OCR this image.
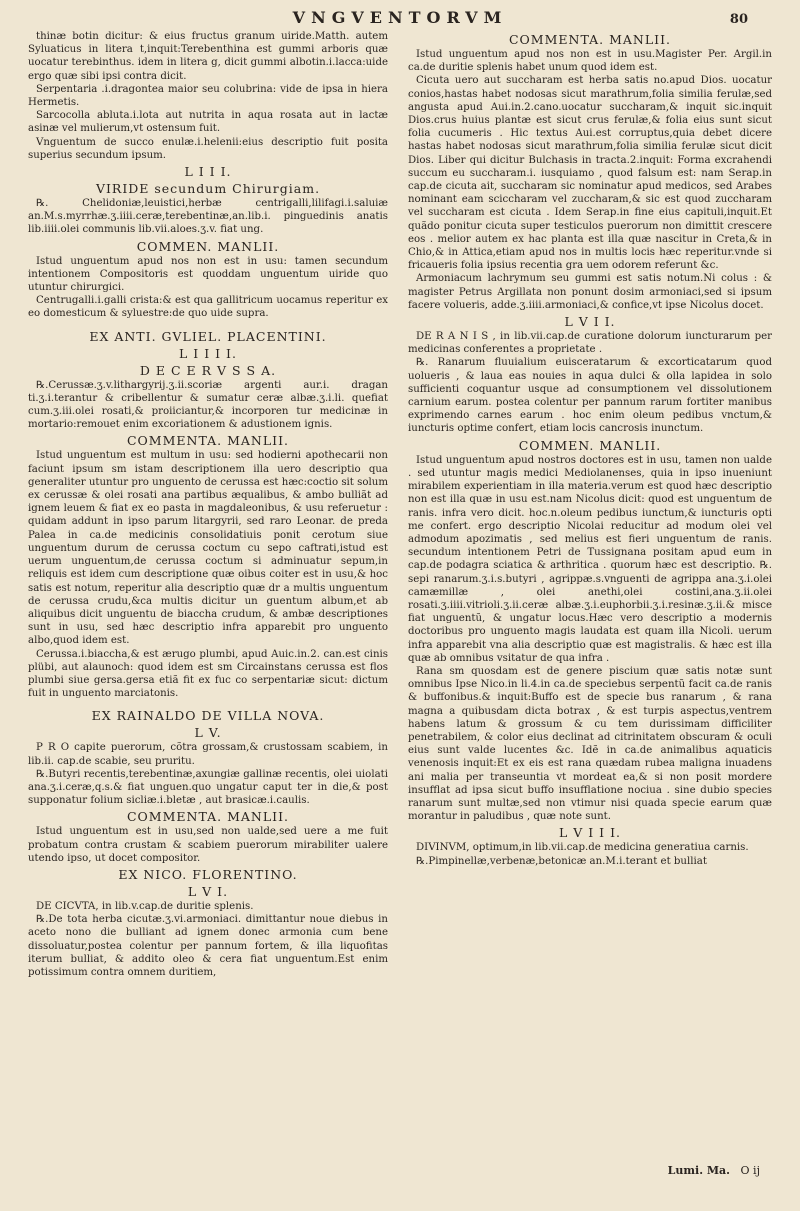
VNGVENTORVM	80

thinæ botin dicitur: & eius fructus granum uiride.Matth. autem Syluaticus in litera t,inquit:Terebenthina est gummi arboris quæ uocatur terebinthus. idem in litera g, dicit gummi albotin.i.lacca:uide ergo quæ sibi ipsi contra dicit.

Serpentaria .i.dragontea maior seu colubrina: vide de ipsa in hiera Hermetis.

Sarcocolla abluta.i.lota aut nutrita in aqua rosata aut in lactæ asinæ vel mulierum,vt ostensum fuit.

Vnguentum de succo enulæ.i.helenii:eius descriptio fuit posita superius secundum ipsum.

L I I I.
VIRIDE secundum Chirurgiam.

℞. Chelidoniæ,leuistici,herbæ centrigalli,lilifagi.i.saluiæ an.M.s.myrrhæ.ʒ.iiii.ceræ,terebentinæ,an.lib.i. pinguedinis anatis lib.iiii.olei communis lib.vii.aloes.ʒ.v. fiat ung.

COMMEN. MANLII.

Istud unguentum apud nos non est in usu: tamen secundum intentionem Compositoris est quoddam unguentum uiride quo utuntur chirurgici.

Centrugalli.i.galli crista:& est qua gallitricum uocamus reperitur ex eo domesticum & syluestre:de quo uide supra.

EX ANTI. GVLIEL. PLACENTINI.
L I I I I.
D E C E R V S S A.

℞.Cerussæ.ʒ.v.lithargyrij.ʒ.ii.scoriæ argenti aur.i. dragan ti.ʒ.i.terantur & cribellentur & sumatur ceræ albæ.ʒ.i.li. quefiat cum.ʒ.iii.olei rosati,& proiiciantur,& incorporen tur medicinæ in mortario:remouet enim excoriationem & adustionem ignis.

COMMENTA. MANLII.

Istud unguentum est multum in usu: sed hodierni apothecarii non faciunt ipsum sm istam descriptionem illa uero descriptio qua generaliter utuntur pro unguento de cerussa est hæc:coctio sit solum ex cerussæ & olei rosati ana partibus æqualibus, & ambo bulliãt ad ignem leuem & fiat ex eo pasta in magdaleonibus, & usu referuetur : quidam addunt in ipso parum litargyrii, sed raro Leonar. de preda Palea in ca.de medicinis consolidatiuis ponit cerotum siue unguentum durum de cerussa coctum cu sepo caftrati,istud est uerum unguentum,de cerussa coctum si adminuatur sepum,in reliquis est idem cum descriptione quæ oibus coiter est in usu,& hoc satis est notum, reperitur alia descriptio quæ dr a multis unguentum de cerussa crudu,&ca multis dicitur un guentum album,et ab aliquibus dicit unguentu de biaccha crudum, & ambæ descriptiones sunt in usu, sed hæc descriptio infra apparebit pro unguento albo,quod idem est.

Cerussa.i.biaccha,& est ærugo plumbi, apud Auic.in.2. can.est cinis plübi, aut alaunoch: quod idem est sm Circainstans cerussa est flos plumbi siue gersa.gersa etiã fit ex fuc co serpentariæ sicut: dictum fuit in unguento marciatonis.

EX RAINALDO DE VILLA NOVA.
L V.

P R O capite puerorum, cõtra grossam,& crustossam scabiem, in lib.ii. cap.de scabie, seu pruritu.

℞.Butyri recentis,terebentinæ,axungiæ gallinæ recentis, olei uiolati ana.ʒ.i.ceræ,q.s.& fiat unguen.quo ungatur caput ter in die,& post supponatur folium sicliæ.i.bletæ , aut brasicæ.i.caulis.

COMMENTA. MANLII.

Istud unguentum est in usu,sed non ualde,sed uere a me fuit probatum contra crustam & scabiem puerorum mirabiliter ualere utendo ipso, ut docet compositor.

EX NICO. FLORENTINO.
L V I.

DE CICVTA, in lib.v.cap.de duritie splenis.

℞.De tota herba cicutæ.ʒ.vi.armoniaci. dimittantur noue diebus in aceto nono die bulliant ad ignem donec armonia cum bene dissoluatur,postea colentur per pannum fortem, & illa liquofitas iterum bulliat, & addito oleo & cera fiat unguentum.Est enim potissimum contra omnem duritiem,

COMMENTA. MANLII.

Istud unguentum apud nos non est in usu.Magister Per. Argil.in ca.de duritie splenis habet unum quod idem est.

Cicuta uero aut succharam est herba satis no.apud Dios. uocatur conios,hastas habet nodosas sicut marathrum,folia similia ferulæ,sed angusta apud Aui.in.2.cano.uocatur succharam,& inquit sic.inquit Dios.crus huius plantæ est sicut crus ferulæ,& folia eius sunt sicut folia cucumeris . Hic textus Aui.est corruptus,quia debet dicere hastas habet nodosas sicut marathrum,folia similia ferulæ sicut dicit Dios. Liber qui dicitur Bulchasis in tracta.2.inquit: Forma excrahendi succum eu succharam.i. iusquiamo , quod falsum est: nam Serap.in cap.de cicuta ait, succharam sic nominatur apud medicos, sed Arabes nominant eam sciccharam vel zuccharam,& sic est quod zuccharam vel succharam est cicuta . Idem Serap.in fine eius capituli,inquit.Et quãdo ponitur cicuta super testiculos puerorum non dimittit crescere eos . melior autem ex hac planta est illa quæ nascitur in Creta,& in Chio,& in Attica,etiam apud nos in multis locis hæc reperitur.vnde si fricaueris folia ipsius recentia gra uem odorem referunt &c.

Armoniacum lachrymum seu gummi est satis notum.Ni colus : & magister Petrus Argillata non ponunt dosim armoniaci,sed si ipsum facere volueris, adde.ʒ.iiii.armoniaci,& confice,vt ipse Nicolus docet.

L V I I.

DE R A N I S , in lib.vii.cap.de curatione dolorum iuncturarum per medicinas conferentes a proprietate .

℞. Ranarum fluuialium euisceratarum & excorticatarum quod uolueris , & laua eas nouies in aqua dulci & olla lapidea in solo sufficienti coquantur usque ad consumptionem vel dissolutionem carnium earum. postea colentur per pannum rarum fortiter manibus exprimendo carnes earum . hoc enim oleum pedibus vnctum,& iuncturis optime confert, etiam locis cancrosis inunctum.

COMMEN. MANLII.

Istud unguentum apud nostros doctores est in usu, tamen non ualde . sed utuntur magis medici Mediolanenses, quia in ipso inueniunt mirabilem experientiam in illa materia.verum est quod hæc descriptio non est illa quæ in usu est.nam Nicolus dicit: quod est unguentum de ranis. infra vero dicit. hoc.n.oleum pedibus iunctum,& iuncturis opti me confert. ergo descriptio Nicolai reducitur ad modum olei vel admodum apozimatis , sed melius est fieri unguentum de ranis. secundum intentionem Petri de Tussignana positam apud eum in cap.de podagra sciatica & arthritica . quorum hæc est descriptio. ℞. sepi ranarum.ʒ.i.s.butyri , agrippæ.s.vnguenti de agrippa ana.ʒ.i.olei camæmillæ , olei anethi,olei costini,ana.ʒ.ii.olei rosati.ʒ.iiii.vitrioli.ʒ.ii.ceræ albæ.ʒ.i.euphorbii.ʒ.i.resinæ.ʒ.ii.& misce fiat unguentũ, & ungatur locus.Hæc vero descriptio a modernis doctoribus pro unguento magis laudata est quam illa Nicoli. uerum infra apparebit vna alia descriptio quæ est magistralis. & hæc est illa quæ ab omnibus vsitatur de qua infra .

Rana sm quosdam est de genere piscium quæ satis notæ sunt omnibus Ipse Nico.in li.4.in ca.de speciebus serpentũ facit ca.de ranis & buffonibus.& inquit:Buffo est de specie bus ranarum , & rana magna a quibusdam dicta botrax , & est turpis aspectus,ventrem habens latum & grossum & cu tem durissimam difficiliter penetrabilem, & color eius declinat ad citrinitatem obscuram & oculi eius sunt valde lucentes &c. Idẽ in ca.de animalibus aquaticis venenosis inquit:Et ex eis est rana quædam rubea maligna inuadens ani malia per transeuntia vt mordeat ea,& si non posit mordere insufflat ad ipsa sicut buffo insufflatione nociua . sine dubio species ranarum sunt multæ,sed non vtimur nisi quada specie earum quæ morantur in paludibus , quæ note sunt.

L V I I I.

DIVINVM, optimum,in lib.vii.cap.de medicina generatiua carnis.

℞.Pimpinellæ,verbenæ,betonicæ an.M.i.terant et bulliat

Lumi. Ma. O ij
